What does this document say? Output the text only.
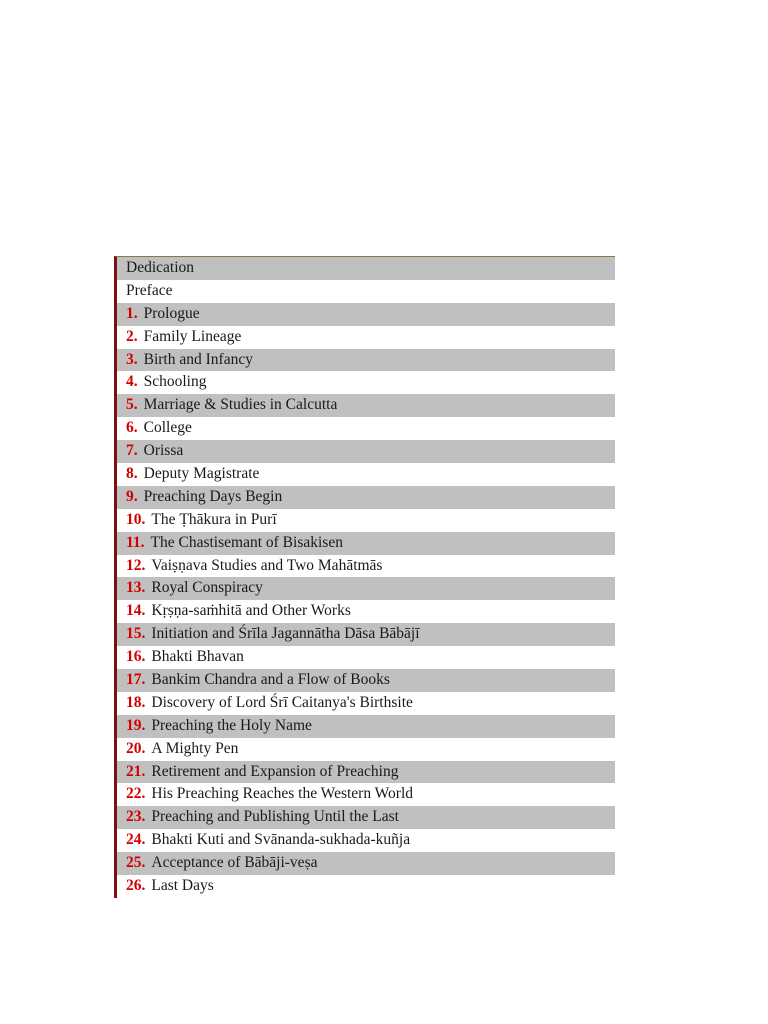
Dedication
Preface
1. Prologue
2. Family Lineage
3. Birth and Infancy
4. Schooling
5. Marriage & Studies in Calcutta
6. College
7. Orissa
8. Deputy Magistrate
9. Preaching Days Begin
10. The Ṭhākura in Purī
11. The Chastisemant of Bisakisen
12. Vaiṣṇava Studies and Two Mahātmās
13. Royal Conspiracy
14. Kṛṣṇa-saṁhitā and Other Works
15. Initiation and Śrīla Jagannātha Dāsa Bābājī
16. Bhakti Bhavan
17. Bankim Chandra and a Flow of Books
18. Discovery of Lord Śrī Caitanya's Birthsite
19. Preaching the Holy Name
20. A Mighty Pen
21. Retirement and Expansion of Preaching
22. His Preaching Reaches the Western World
23. Preaching and Publishing Until the Last
24. Bhakti Kuti and Svānanda-sukhada-kuñja
25. Acceptance of Bābāji-veṣa
26. Last Days
